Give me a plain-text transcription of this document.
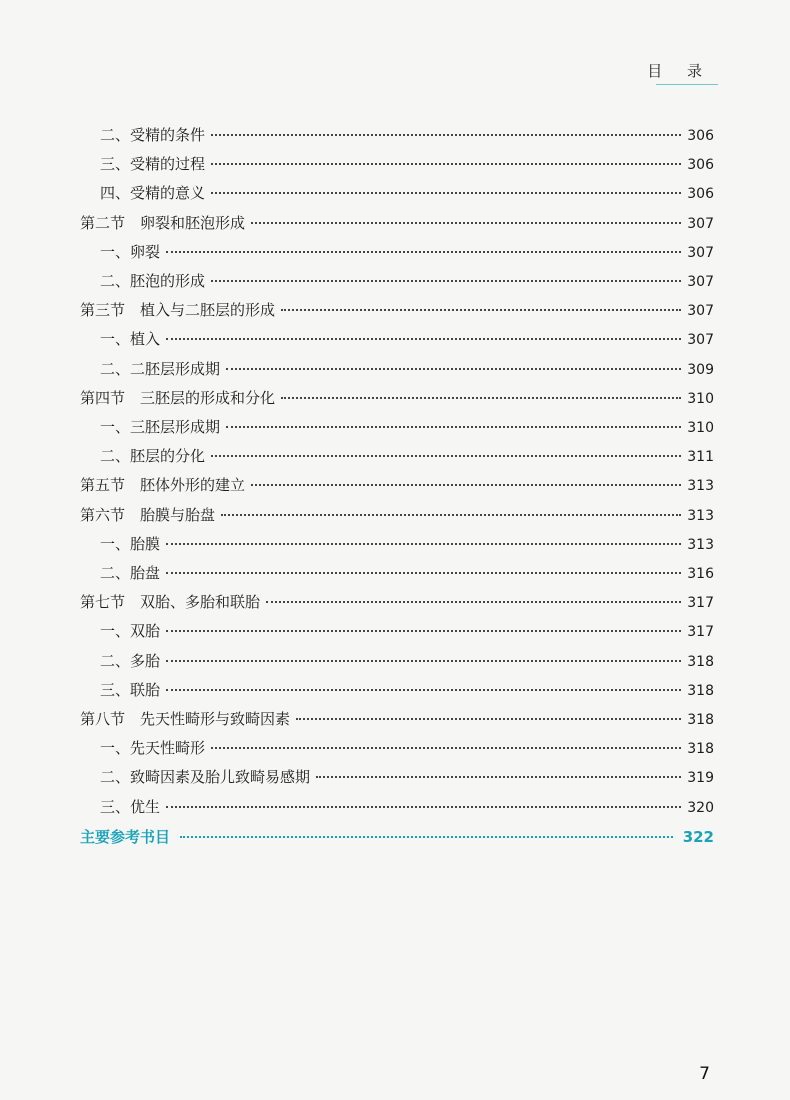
目 录
二、受精的条件	306
三、受精的过程	306
四、受精的意义	306
第二节　卵裂和胚泡形成	307
一、卵裂	307
二、胚泡的形成	307
第三节　植入与二胚层的形成	307
一、植入	307
二、二胚层形成期	309
第四节　三胚层的形成和分化	310
一、三胚层形成期	310
二、胚层的分化	311
第五节　胚体外形的建立	313
第六节　胎膜与胎盘	313
一、胎膜	313
二、胎盘	316
第七节　双胎、多胎和联胎	317
一、双胎	317
二、多胎	318
三、联胎	318
第八节　先天性畸形与致畸因素	318
一、先天性畸形	318
二、致畸因素及胎儿致畸易感期	319
三、优生	320
主要参考书目	322
7
